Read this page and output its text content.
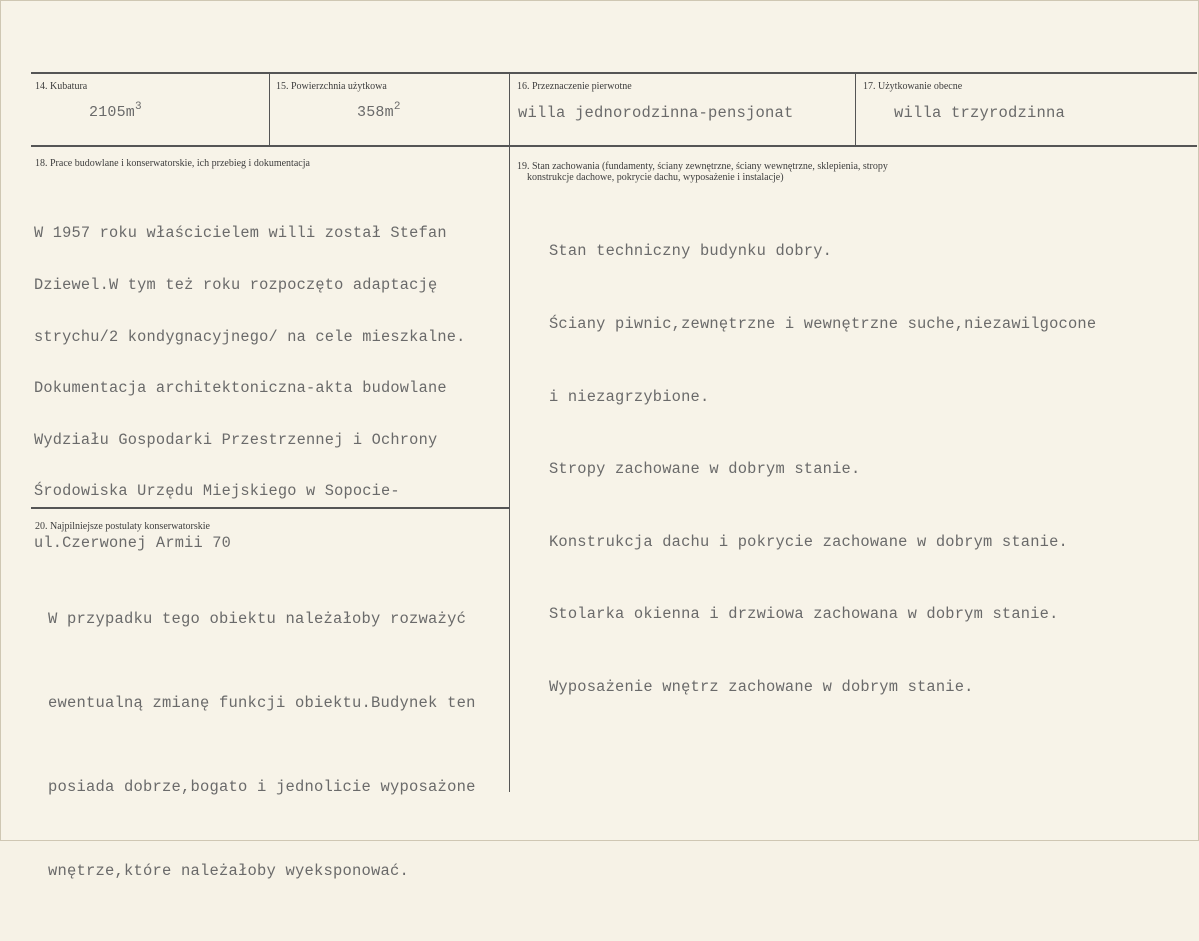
14. Kubatura
$2105m^3$
15. Powierzchnia użytkowa
$358m^2$
16. Przeznaczenie pierwotne
willa jednorodzinna-pensjonat
17. Użytkowanie obecne
willa trzyrodzinna
18. Prace budowlane i konserwatorskie, ich przebieg i dokumentacja

W 1957 roku właścicielem willi został Stefan

Dziewel.W tym też roku rozpoczęto adaptację

strychu/2 kondygnacyjnego/ na cele mieszkalne.

Dokumentacja architektoniczna-akta budowlane

Wydziału Gospodarki Przestrzennej i Ochrony

Środowiska Urzędu Miejskiego w Sopocie-

ul.Czerwonej Armii 70

19. Stan zachowania (fundamenty, ściany zewnętrzne, ściany wewnętrzne, sklepienia, stropy
konstrukcje dachowe, pokrycie dachu, wyposażenie i instalacje)

Stan techniczny budynku dobry.

Ściany piwnic,zewnętrzne i wewnętrzne suche,niezawilgocone

i niezagrzybione.

Stropy zachowane w dobrym stanie.

Konstrukcja dachu i pokrycie zachowane w dobrym stanie.

Stolarka okienna i drzwiowa zachowana w dobrym stanie.

Wyposażenie wnętrz zachowane w dobrym stanie.

20. Najpilniejsze postulaty konserwatorskie

W przypadku tego obiektu należałoby rozważyć

ewentualną zmianę funkcji obiektu.Budynek ten

posiada dobrze,bogato i jednolicie wyposażone

wnętrze,które należałoby wyeksponować.
